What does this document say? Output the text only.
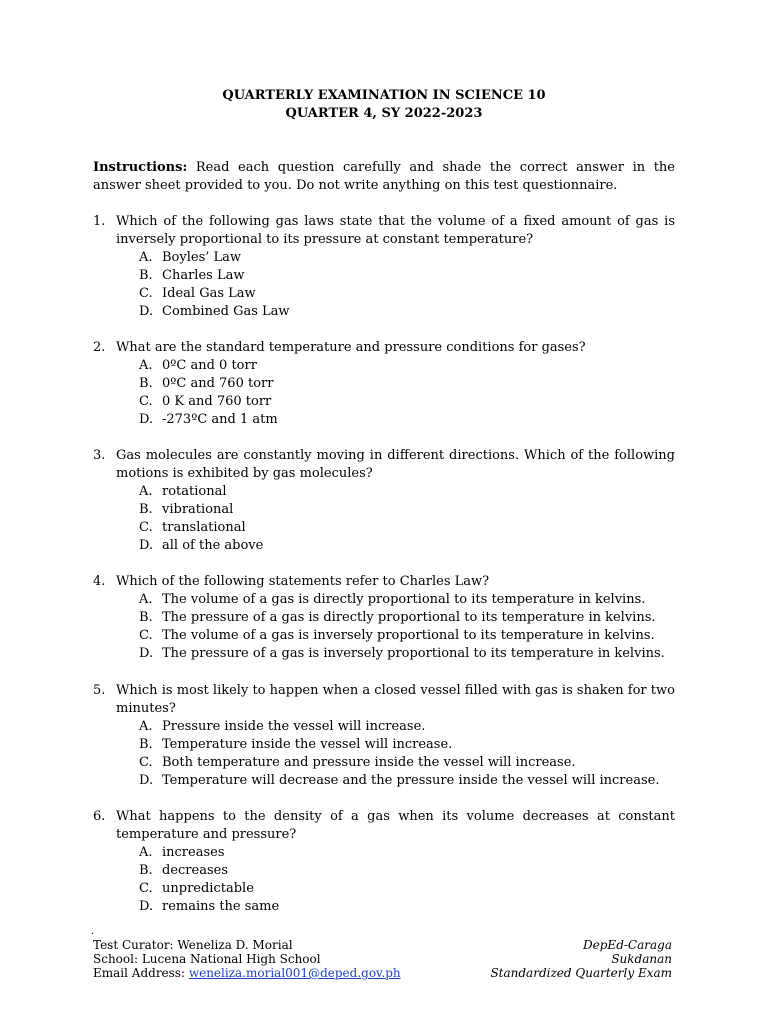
QUARTERLY EXAMINATION IN SCIENCE 10
QUARTER 4, SY 2022-2023
Instructions: Read each question carefully and shade the correct answer in the answer sheet provided to you. Do not write anything on this test questionnaire.
1. Which of the following gas laws state that the volume of a fixed amount of gas is inversely proportional to its pressure at constant temperature?
A. Boyles’ Law
B. Charles Law
C. Ideal Gas Law
D. Combined Gas Law
2. What are the standard temperature and pressure conditions for gases?
A. 0ºC and 0 torr
B. 0ºC and 760 torr
C. 0 K and 760 torr
D. -273ºC and 1 atm
3. Gas molecules are constantly moving in different directions. Which of the following motions is exhibited by gas molecules?
A. rotational
B. vibrational
C. translational
D. all of the above
4. Which of the following statements refer to Charles Law?
A. The volume of a gas is directly proportional to its temperature in kelvins.
B. The pressure of a gas is directly proportional to its temperature in kelvins.
C. The volume of a gas is inversely proportional to its temperature in kelvins.
D. The pressure of a gas is inversely proportional to its temperature in kelvins.
5. Which is most likely to happen when a closed vessel filled with gas is shaken for two minutes?
A. Pressure inside the vessel will increase.
B. Temperature inside the vessel will increase.
C. Both temperature and pressure inside the vessel will increase.
D. Temperature will decrease and the pressure inside the vessel will increase.
6. What happens to the density of a gas when its volume decreases at constant temperature and pressure?
A. increases
B. decreases
C. unpredictable
D. remains the same
.
Test Curator: Weneliza D. Morial
School: Lucena National High School
Email Address: weneliza.morial001@deped.gov.ph
DepEd-Caraga
Sukdanan
Standardized Quarterly Exam
